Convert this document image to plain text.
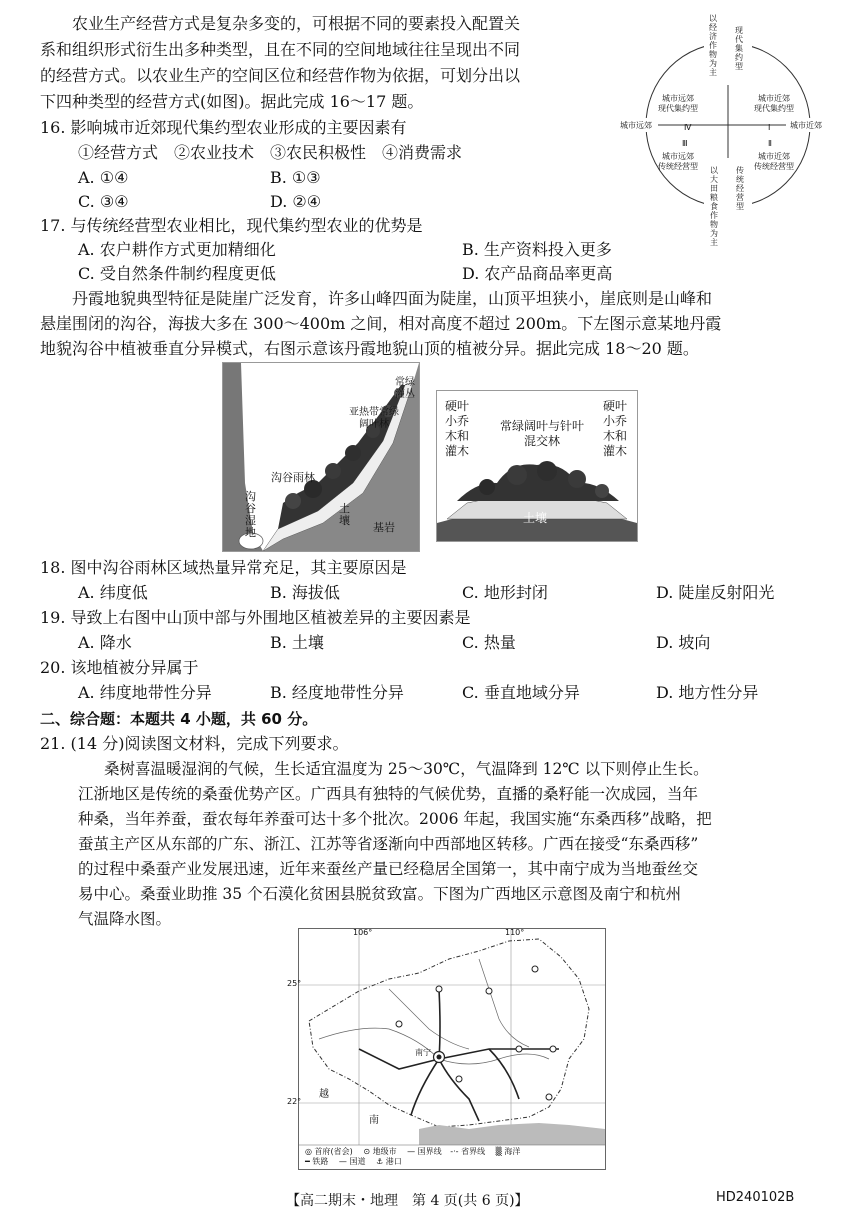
农业生产经营方式是复杂多变的，可根据不同的要素投入配置关
系和组织形式衍生出多种类型，且在不同的空间地域往往呈现出不同
的经营方式。以农业生产的空间区位和经营作物为依据，可划分出以
下四种类型的经营方式(如图)。据此完成 16～17 题。
16. 影响城市近郊现代集约型农业形成的主要因素有
①经营方式　②农业技术　③农民积极性　④消费需求
A. ①④	B. ①③
C. ③④	D. ②④
17. 与传统经营型农业相比，现代集约型农业的优势是
A. 农户耕作方式更加精细化	B. 生产资料投入更多
C. 受自然条件制约程度更低	D. 农产品商品率更高
以经济作物为主
现代集约型
以大田粮食作物为主
传统经营型
城市远郊	城市近郊
城市远郊
现代集约型
城市近郊
现代集约型
城市远郊
传统经营型
城市近郊
传统经营型
Ⅳ	Ⅰ
Ⅲ	Ⅱ
丹霞地貌典型特征是陡崖广泛发育，许多山峰四面为陡崖，山顶平坦狭小，崖底则是山峰和
悬崖围闭的沟谷，海拔大多在 300～400m 之间，相对高度不超过 200m。下左图示意某地丹霞
地貌沟谷中植被垂直分异模式，右图示意该丹霞地貌山顶的植被分异。据此完成 18～20 题。
沟谷湿地
沟谷雨林
亚热带常绿阔叶林
常绿灌丛
土壤
基岩
硬叶
小乔
木和
灌木
常绿阔叶与针叶
混交林
硬叶
小乔
木和
灌木
土壤
18. 图中沟谷雨林区域热量异常充足，其主要原因是
A. 纬度低	B. 海拔低	C. 地形封闭	D. 陡崖反射阳光
19. 导致上右图中山顶中部与外围地区植被差异的主要因素是
A. 降水	B. 土壤	C. 热量	D. 坡向
20. 该地植被分异属于
A. 纬度地带性分异	B. 经度地带性分异	C. 垂直地域分异	D. 地方性分异
二、综合题：本题共 4 小题，共 60 分。
21. (14 分)阅读图文材料，完成下列要求。
桑树喜温暖湿润的气候，生长适宜温度为 25～30℃，气温降到 12℃ 以下则停止生长。
江浙地区是传统的桑蚕优势产区。广西具有独特的气候优势，直播的桑籽能一次成园，当年
种桑，当年养蚕，蚕农每年养蚕可达十多个批次。2006 年起，我国实施“东桑西移”战略，把
蚕茧主产区从东部的广东、浙江、江苏等省逐渐向中西部地区转移。广西在接受“东桑西移”
的过程中桑蚕产业发展迅速，近年来蚕丝产量已经稳居全国第一，其中南宁成为当地蚕丝交
易中心。桑蚕业助推 35 个石漠化贫困县脱贫致富。下图为广西地区示意图及南宁和杭州
气温降水图。
106°	110°
25°
22°
南宁
越
南
◎ 首府(省会) ⊙ 地级市 — 国界线 -·- 省界线 ▒ 海洋
━ 铁路 — 国道 ⚓ 港口
【高二期末・地理　第 4 页(共 6 页)】	HD240102B
